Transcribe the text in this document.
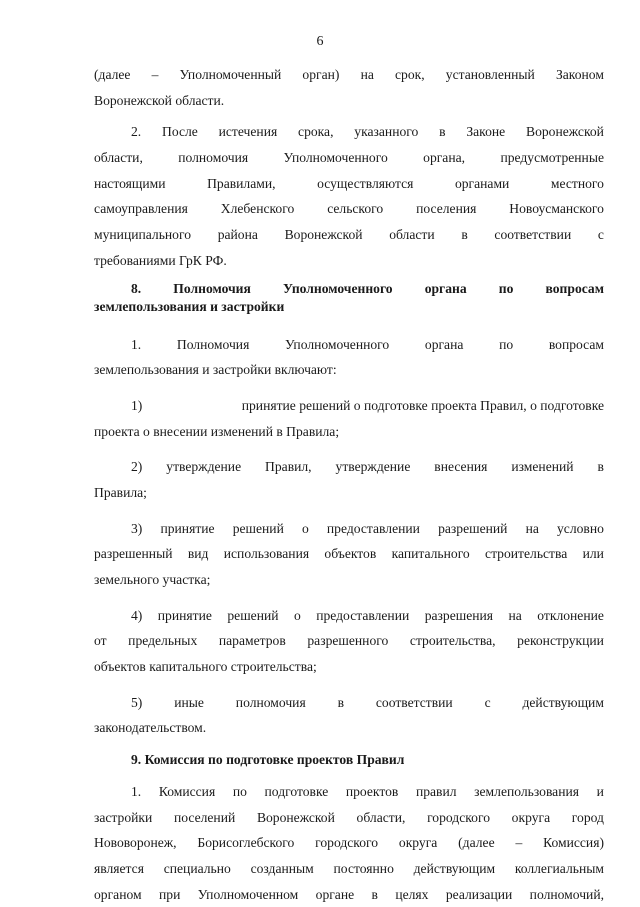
6
(далее – Уполномоченный орган) на срок, установленный Законом
Воронежской области.
2. После истечения срока, указанного в Законе Воронежской
области,	полномочия	Уполномоченного	органа,	предусмотренные
настоящими	Правилами,	осуществляются	органами	местного
самоуправления Хлебенского сельского поселения Новоусманского
муниципального района Воронежской области в соответствии с
требованиями ГрК РФ.
8. Полномочия Уполномоченного органа по вопросам
землепользования и застройки
1.	Полномочия	Уполномоченного	органа	по	вопросам
землепользования и застройки включают:
1)	принятие решений о подготовке проекта Правил, о подготовке
проекта о внесении изменений в Правила;
2) утверждение Правил, утверждение внесения изменений в
Правила;
3) принятие решений о предоставлении разрешений на условно
разрешенный вид использования объектов капитального строительства или
земельного участка;
4) принятие решений о предоставлении разрешения на отклонение
от предельных параметров разрешенного строительства, реконструкции
объектов капитального строительства;
5) иные полномочия в соответствии с действующим
законодательством.
9. Комиссия по подготовке проектов Правил
1. Комиссия по подготовке проектов правил землепользования и
застройки поселений Воронежской области, городского округа город
Нововоронеж, Борисоглебского городского округа (далее – Комиссия)
является специально созданным постоянно действующим коллегиальным
органом при Уполномоченном органе в целях реализации полномочий,
